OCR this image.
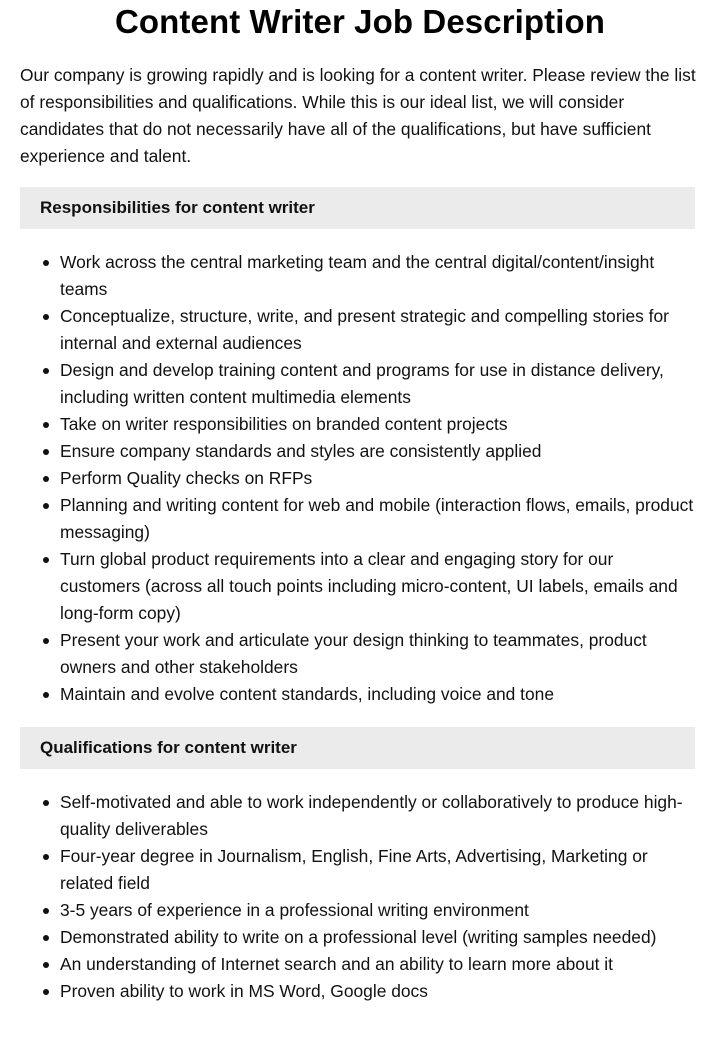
Content Writer Job Description

Our company is growing rapidly and is looking for a content writer. Please review the list of responsibilities and qualifications. While this is our ideal list, we will consider candidates that do not necessarily have all of the qualifications, but have sufficient experience and talent.

Responsibilities for content writer
Work across the central marketing team and the central digital/content/insight teams
Conceptualize, structure, write, and present strategic and compelling stories for internal and external audiences
Design and develop training content and programs for use in distance delivery, including written content multimedia elements
Take on writer responsibilities on branded content projects
Ensure company standards and styles are consistently applied
Perform Quality checks on RFPs
Planning and writing content for web and mobile (interaction flows, emails, product messaging)
Turn global product requirements into a clear and engaging story for our customers (across all touch points including micro-content, UI labels, emails and long-form copy)
Present your work and articulate your design thinking to teammates, product owners and other stakeholders
Maintain and evolve content standards, including voice and tone
Qualifications for content writer
Self-motivated and able to work independently or collaboratively to produce high-quality deliverables
Four-year degree in Journalism, English, Fine Arts, Advertising, Marketing or related field
3-5 years of experience in a professional writing environment
Demonstrated ability to write on a professional level (writing samples needed)
An understanding of Internet search and an ability to learn more about it
Proven ability to work in MS Word, Google docs
